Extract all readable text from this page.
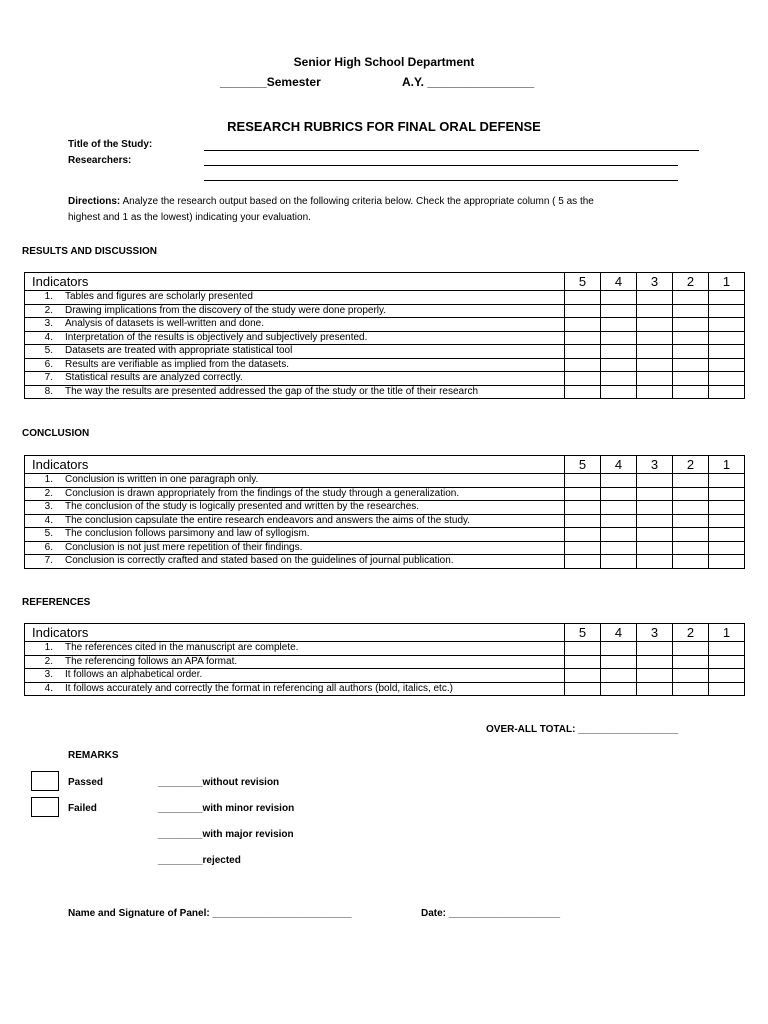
Senior High School Department
_______Semester	A.Y. ________________
RESEARCH RUBRICS FOR FINAL ORAL DEFENSE
Title of the Study:
Researchers:
Directions: Analyze the research output based on the following criteria below. Check the appropriate column ( 5 as the
highest and 1 as the lowest) indicating your evaluation.
RESULTS AND DISCUSSION
Indicators	5	4	3	2	1
1. Tables and figures are scholarly presented					
2. Drawing implications from the discovery of the study were done properly.					
3. Analysis of datasets is well-written and done.					
4. Interpretation of the results is objectively and subjectively presented.					
5. Datasets are treated with appropriate statistical tool					
6. Results are verifiable as implied from the datasets.					
7. Statistical results are analyzed correctly.					
8. The way the results are presented addressed the gap of the study or the title of their research					
CONCLUSION
Indicators	5	4	3	2	1
1. Conclusion is written in one paragraph only.					
2. Conclusion is drawn appropriately from the findings of the study through a generalization.					
3. The conclusion of the study is logically presented and written by the researches.					
4. The conclusion capsulate the entire research endeavors and answers the aims of the study.					
5. The conclusion follows parsimony and law of syllogism.					
6. Conclusion is not just mere repetition of their findings.					
7. Conclusion is correctly crafted and stated based on the guidelines of journal publication.					
REFERENCES
Indicators	5	4	3	2	1
1. The references cited in the manuscript are complete.					
2. The referencing follows an APA format.					
3. It follows an alphabetical order.					
4. It follows accurately and correctly the format in referencing all authors (bold, italics, etc.)					
OVER-ALL TOTAL: __________________
REMARKS
Passed
Failed
________without revision
________with minor revision
________with major revision
________rejected
Name and Signature of Panel: _________________________	Date: ____________________
